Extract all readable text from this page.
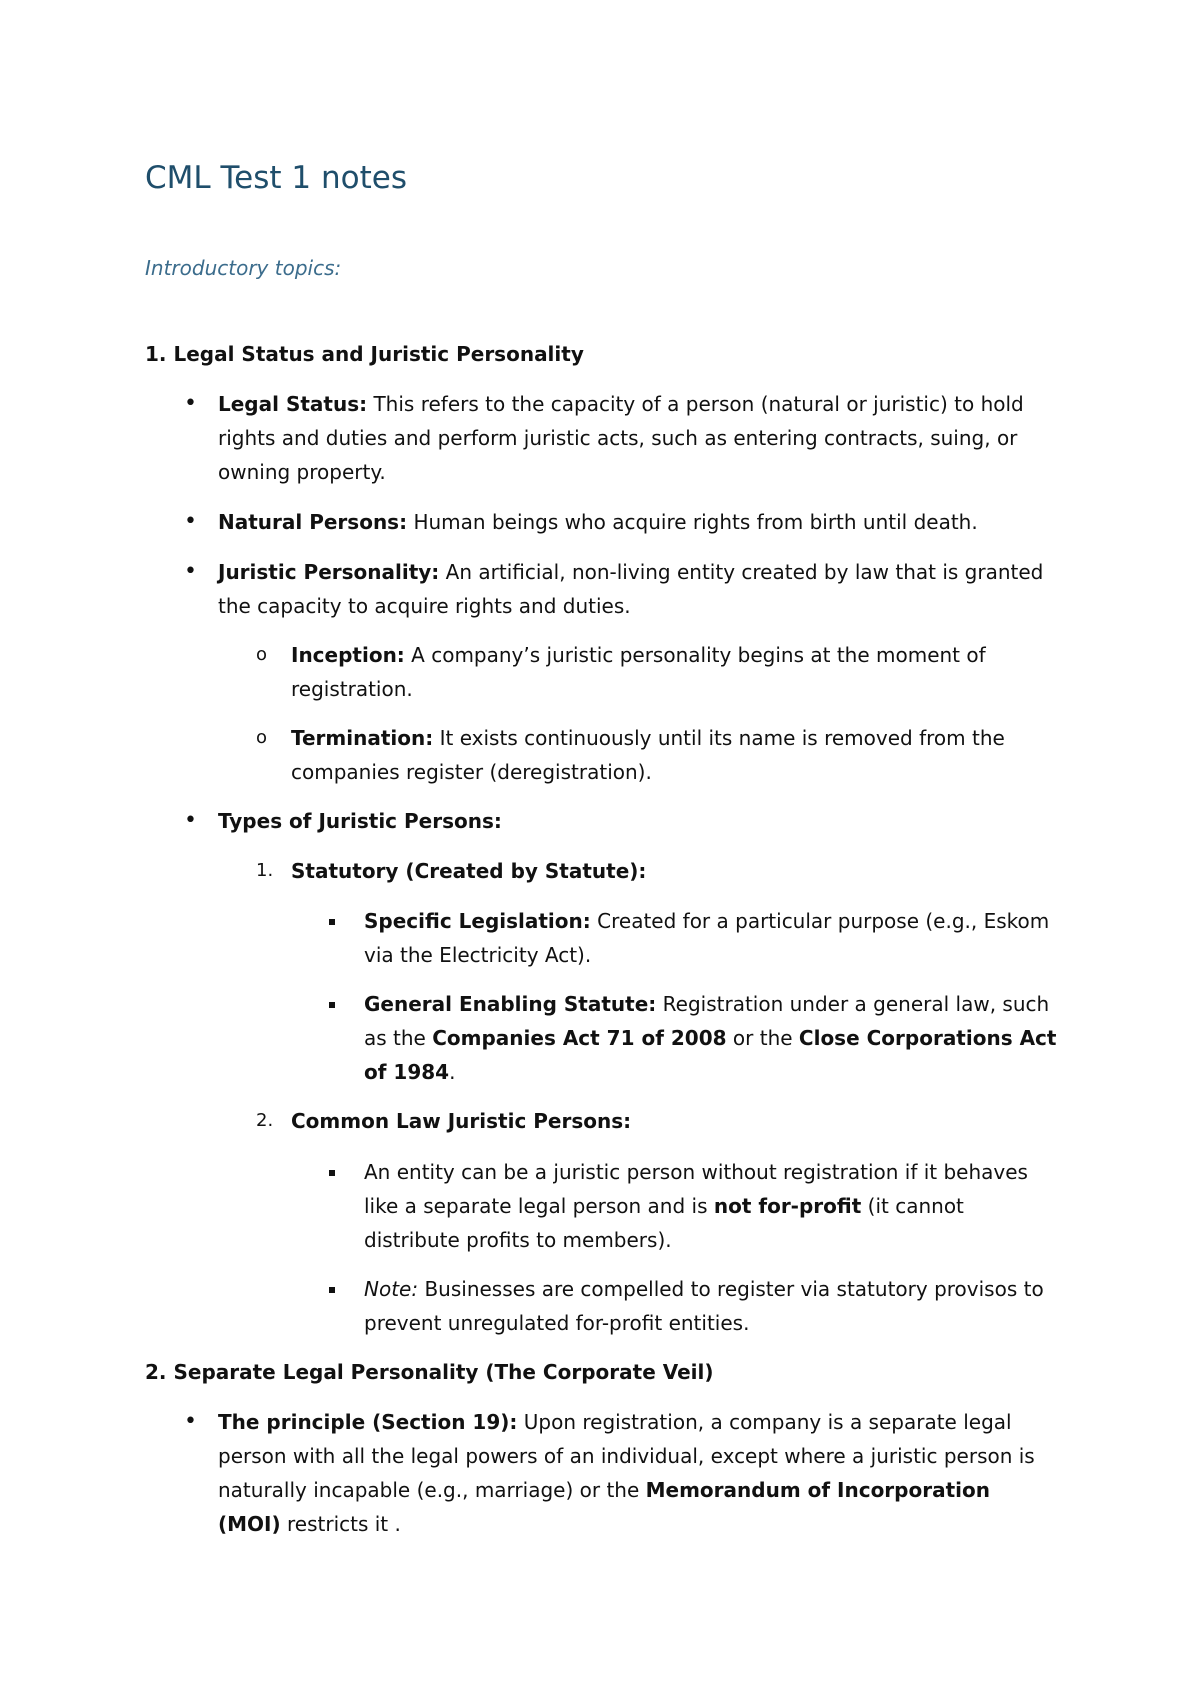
CML Test 1 notes

Introductory topics:

1. Legal Status and Juristic Personality

•
Legal Status: This refers to the capacity of a person (natural or juristic) to hold rights and duties and perform juristic acts, such as entering contracts, suing, or owning property.
•
Natural Persons: Human beings who acquire rights from birth until death.
•
Juristic Personality: An artificial, non-living entity created by law that is granted the capacity to acquire rights and duties.
o
Inception: A company’s juristic personality begins at the moment of registration.
o
Termination: It exists continuously until its name is removed from the companies register (deregistration).
•
Types of Juristic Persons:
1. Statutory (Created by Statute):
Specific Legislation: Created for a particular purpose (e.g., Eskom via the Electricity Act).
General Enabling Statute: Registration under a general law, such as the Companies Act 71 of 2008 or the Close Corporations Act of 1984.
2. Common Law Juristic Persons:
An entity can be a juristic person without registration if it behaves like a separate legal person and is not for-profit (it cannot distribute profits to members).
Note: Businesses are compelled to register via statutory provisos to prevent unregulated for-profit entities.

2. Separate Legal Personality (The Corporate Veil)

•
The principle (Section 19): Upon registration, a company is a separate legal person with all the legal powers of an individual, except where a juristic person is naturally incapable (e.g., marriage) or the Memorandum of Incorporation (MOI) restricts it .
